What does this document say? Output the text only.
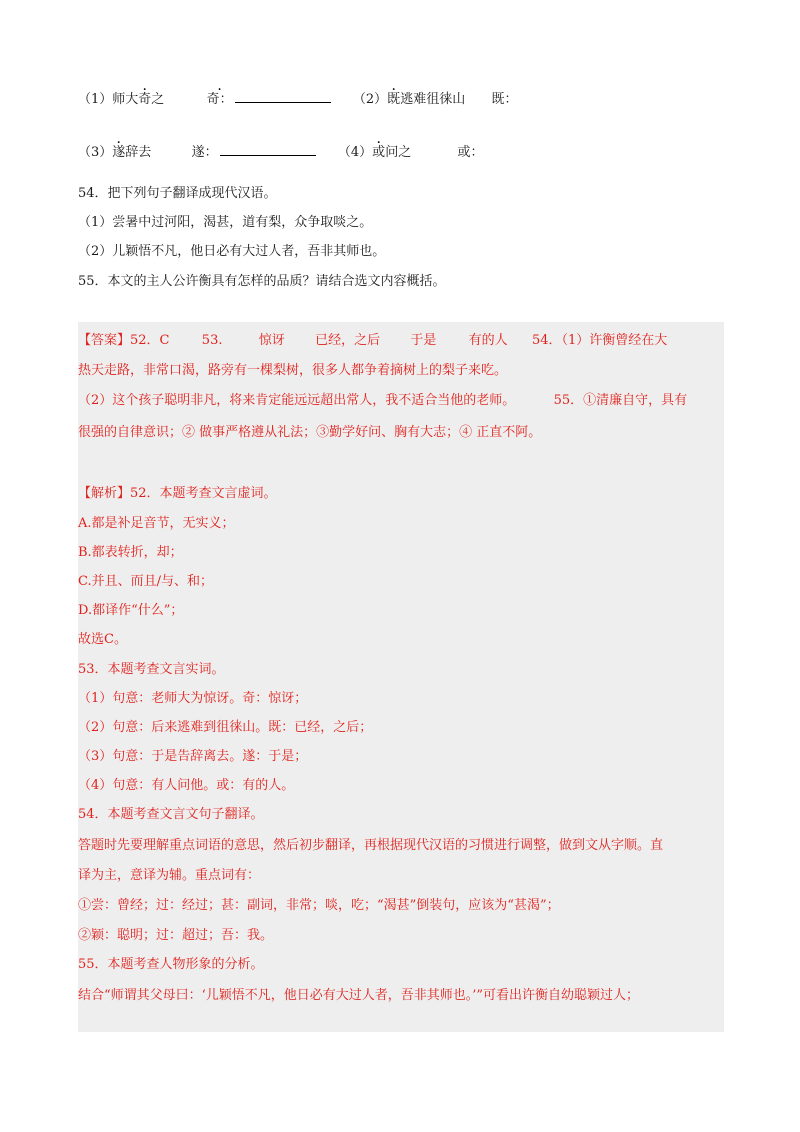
（1）师大奇之  ·	奇：	（2）既逃难徂徕山 既：
（3）遂辞去	遂：	（4）或问之	或：
54．把下列句子翻译成现代汉语。
（1）尝暑中过河阳，渴甚，道有梨，众争取啖之。
（2）儿颖悟不凡，他日必有大过人者，吾非其师也。
55．本文的主人公许衡具有怎样的品质？请结合选文内容概括。
【答案】52．C 53.	惊讶 已经，之后 于是 有的人 54．（1）许衡曾经在大
热天走路，非常口渴，路旁有一棵梨树，很多人都争着摘树上的梨子来吃。
（2）这个孩子聪明非凡，将来肯定能远远超出常人，我不适合当他的老师。	55．①清廉自守，具有
很强的自律意识；② 做事严格遵从礼法；③勤学好问、胸有大志；④ 正直不阿。
【解析】52．本题考查文言虚词。
A.都是补足音节，无实义；
B.都表转折，却；
C.并且、而且/与、和；
D.都译作“什么”；
故选C。
53．本题考查文言实词。
（1）句意：老师大为惊讶。奇：惊讶；
（2）句意：后来逃难到徂徕山。既：已经，之后；
（3）句意：于是告辞离去。遂：于是；
（4）句意：有人问他。或：有的人。
54．本题考查文言文句子翻译。
答题时先要理解重点词语的意思，然后初步翻译，再根据现代汉语的习惯进行调整，做到文从字顺。直
译为主，意译为辅。重点词有：
①尝：曾经；过：经过；甚：副词，非常；啖，吃；“渴甚”倒装句，应该为“甚渴”；
②颖：聪明；过：超过；吾：我。
55．本题考查人物形象的分析。
结合“师谓其父母曰：‘儿颖悟不凡，他日必有大过人者，吾非其师也。’”可看出许衡自幼聪颖过人；
